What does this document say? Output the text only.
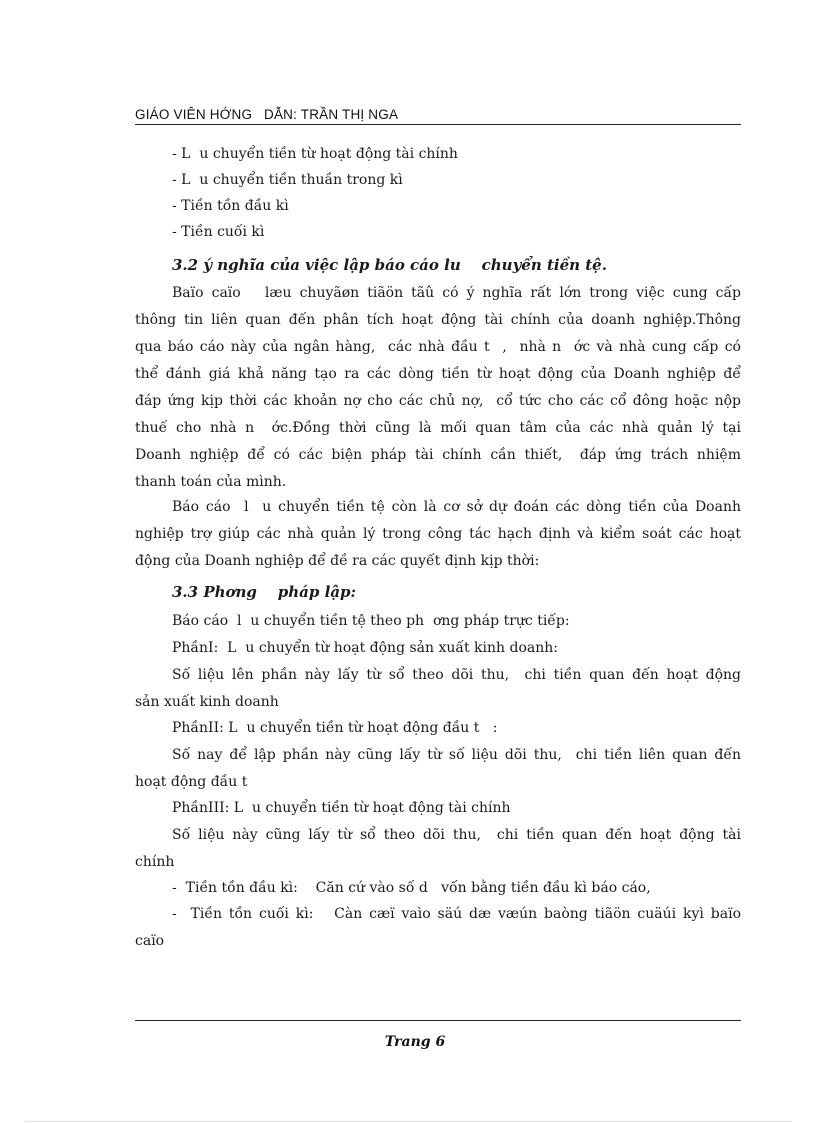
GIÁO VIÊN HỚNG   DẪN: TRẦN THỊ NGA
- L  u chuyển tiền từ hoạt động tài chính
- L  u chuyển tiền thuần trong kì
- Tiền tồn đầu kì
- Tiền cuối kì
3.2 ý nghĩa của việc lập báo cáo lu    chuyển tiền tệ.
Baïo caïo   læu chuyãøn tiãön tãû có ý nghĩa rất lớn trong việc cung cấp
thông tin liên quan đến phân tích hoạt động tài chính của doanh nghiệp.Thông
qua báo cáo này của ngân hàng,  các nhà đầu t  ,  nhà n  ớc và nhà cung cấp có
thể đánh giá khả năng tạo ra các dòng tiền từ hoạt động của Doanh nghiệp để
đáp ứng kịp thời các khoản nợ cho các chủ nợ,  cổ tức cho các cổ đông hoặc nộp
thuế cho nhà n  ớc.Đồng thời cũng là mối quan tâm của các nhà quản lý tại
Doanh nghiệp để có các biện pháp tài chính cần thiết,  đáp ứng trách nhiệm
thanh toán của mình.
Báo cáo  l  u chuyển tiền tệ còn là cơ sở dự đoán các dòng tiền của Doanh
nghiệp trợ giúp các nhà quản lý trong công tác hạch định và kiểm soát các hoạt
động của Doanh nghiệp để đề ra các quyết định kịp thời:
3.3 Phơng    pháp lập:
Báo cáo  l  u chuyển tiền tệ theo ph  ơng pháp trực tiếp:
PhầnI:  L  u chuyển từ hoạt động sản xuất kinh doanh:
Số liệu lên phần này lấy từ sổ theo dõi thu,  chi tiền quan đến hoạt động
sản xuất kinh doanh
PhầnII: L  u chuyển tiền từ hoạt động đầu t   :
Số nay để lập phần này cũng lấy từ số liệu dõi thu,  chi tiền liên quan đến
hoạt động đầu t
PhầnIII: L  u chuyển tiền từ hoạt động tài chính
Số liệu này cũng lấy từ sổ theo dõi thu,  chi tiền quan đến hoạt động tài
chính
-  Tiền tồn đầu kì:    Căn cứ vào số d   vốn bằng tiền đầu kì báo cáo,
-  Tiền tồn cuối kì:   Càn cæï vaìo säú dæ væún baòng tiãön cuäúi kyì baïo
caïo
Trang 6
